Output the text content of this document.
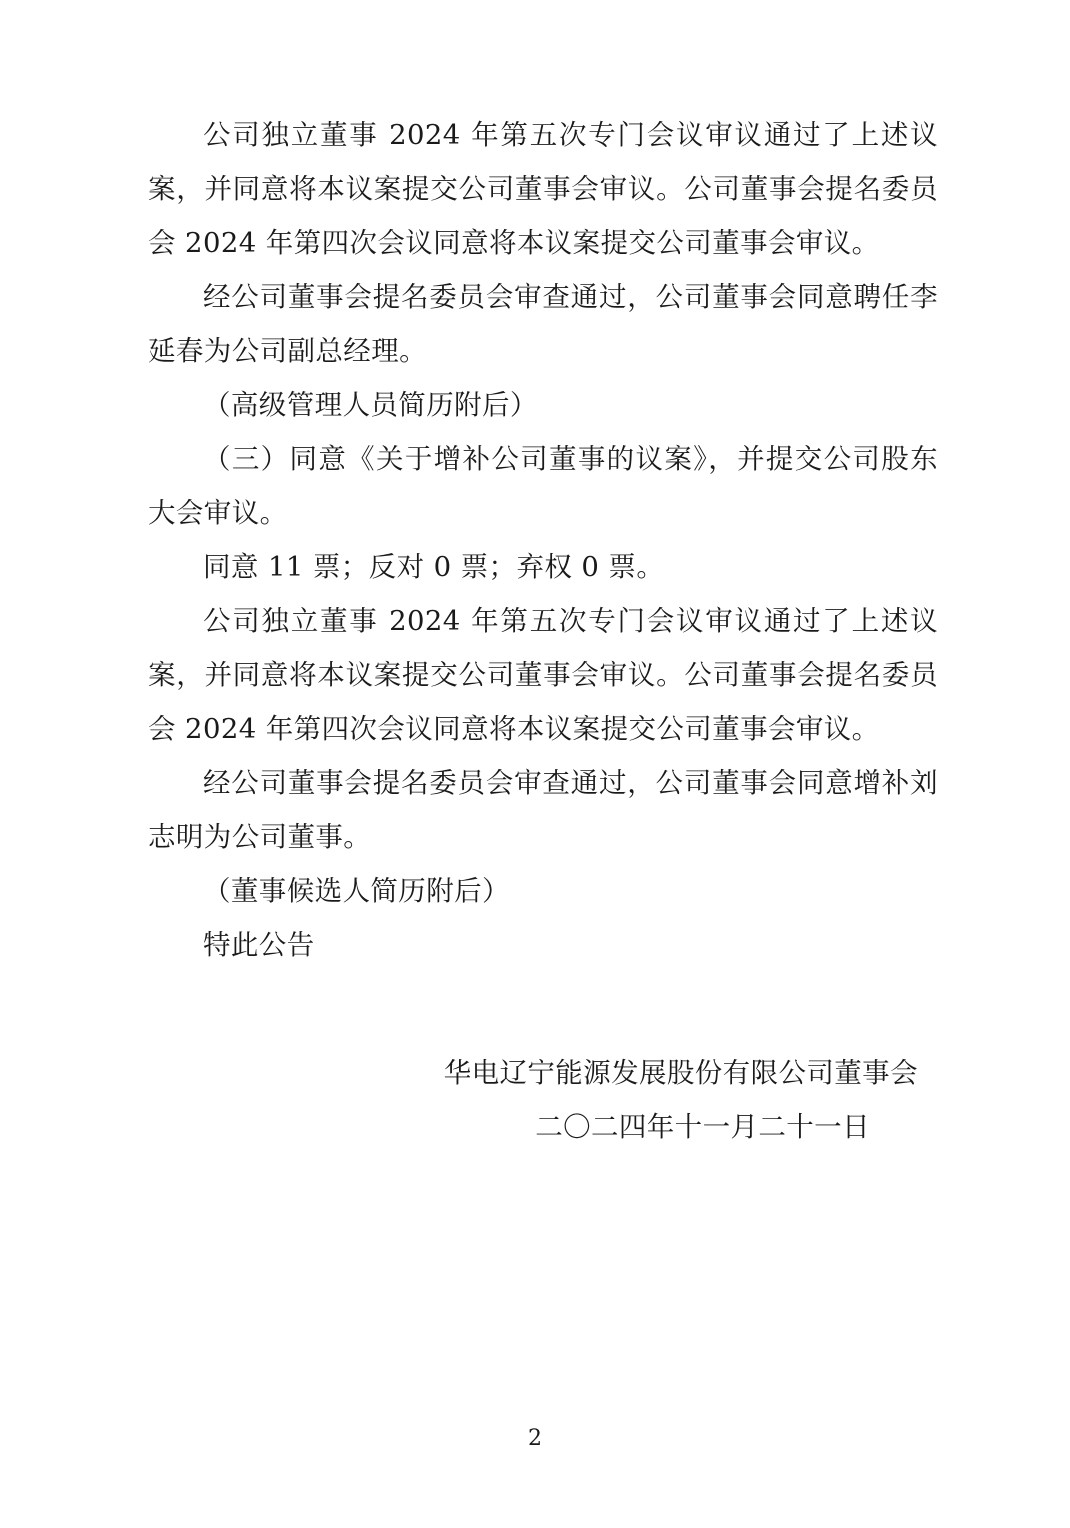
公司独立董事 2024 年第五次专门会议审议通过了上述议案，并同意将本议案提交公司董事会审议。公司董事会提名委员会 2024 年第四次会议同意将本议案提交公司董事会审议。

经公司董事会提名委员会审查通过，公司董事会同意聘任李延春为公司副总经理。

（高级管理人员简历附后）

（三）同意《关于增补公司董事的议案》，并提交公司股东大会审议。

同意 11 票；反对 0 票；弃权 0 票。

公司独立董事 2024 年第五次专门会议审议通过了上述议案，并同意将本议案提交公司董事会审议。公司董事会提名委员会 2024 年第四次会议同意将本议案提交公司董事会审议。

经公司董事会提名委员会审查通过，公司董事会同意增补刘志明为公司董事。

（董事候选人简历附后）

特此公告

华电辽宁能源发展股份有限公司董事会
二〇二四年十一月二十一日
2
